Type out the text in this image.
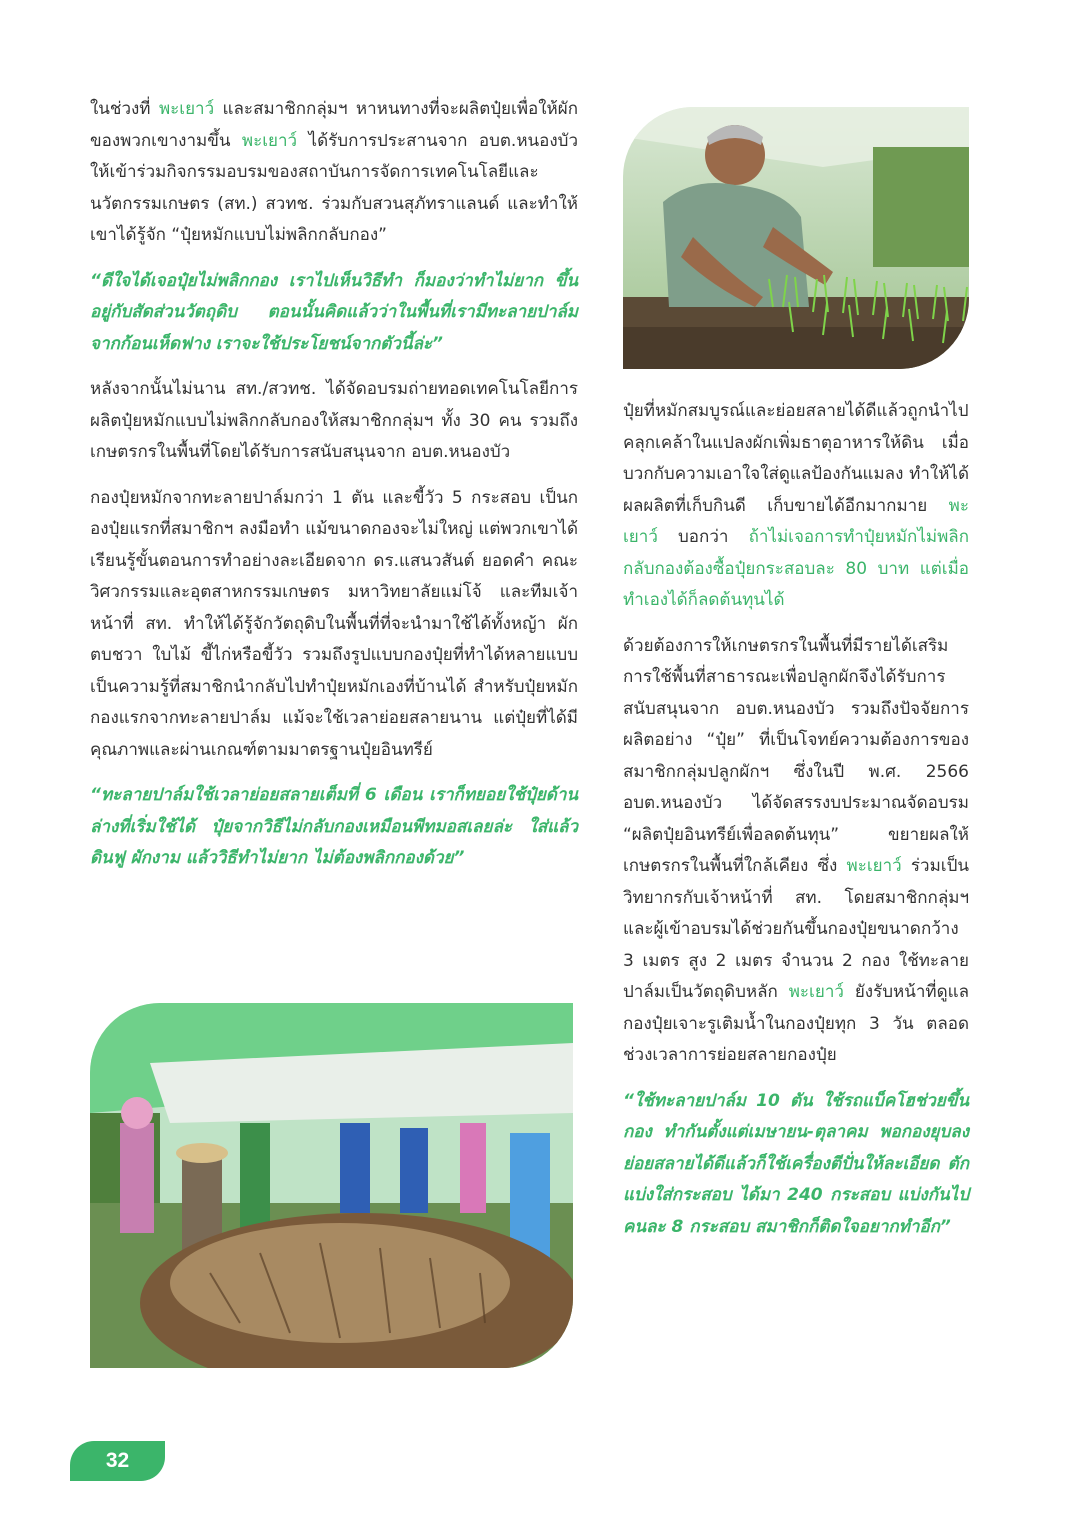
ในช่วงที่ พะเยาว์ และสมาชิกกลุ่มฯ หาหนทางที่จะผลิตปุ๋ยเพื่อให้ผักของพวกเขางามขึ้น พะเยาว์ ได้รับการประสานจาก อบต.หนองบัว ให้เข้าร่วมกิจกรรมอบรมของสถาบันการจัดการเทคโนโลยีและนวัตกรรมเกษตร (สท.) สวทช. ร่วมกับสวนสุภัทราแลนด์ และทำให้เขาได้รู้จัก “ปุ๋ยหมักแบบไม่พลิกกลับกอง”

“ดีใจได้เจอปุ๋ยไม่พลิกกอง เราไปเห็นวิธีทำ ก็มองว่าทำไม่ยาก ขึ้นอยู่กับสัดส่วนวัตถุดิบ ตอนนั้นคิดแล้วว่าในพื้นที่เรามีทะลายปาล์มจากก้อนเห็ดฟาง เราจะใช้ประโยชน์จากตัวนี้ล่ะ”

หลังจากนั้นไม่นาน สท./สวทช. ได้จัดอบรมถ่ายทอดเทคโนโลยีการผลิตปุ๋ยหมักแบบไม่พลิกกลับกองให้สมาชิกกลุ่มฯ ทั้ง 30 คน รวมถึงเกษตรกรในพื้นที่โดยได้รับการสนับสนุนจาก อบต.หนองบัว

กองปุ๋ยหมักจากทะลายปาล์มกว่า 1 ตัน และขี้วัว 5 กระสอบ เป็นกองปุ๋ยแรกที่สมาชิกฯ ลงมือทำ แม้ขนาดกองจะไม่ใหญ่ แต่พวกเขาได้เรียนรู้ขั้นตอนการทำอย่างละเอียดจาก ดร.แสนวสันต์ ยอดคำ คณะวิศวกรรมและอุตสาหกรรมเกษตร มหาวิทยาลัยแม่โจ้ และทีมเจ้าหน้าที่ สท. ทำให้ได้รู้จักวัตถุดิบในพื้นที่ที่จะนำมาใช้ได้ทั้งหญ้า ผักตบชวา ใบไม้ ขี้ไก่หรือขี้วัว รวมถึงรูปแบบกองปุ๋ยที่ทำได้หลายแบบ เป็นความรู้ที่สมาชิกนำกลับไปทำปุ๋ยหมักเองที่บ้านได้ สำหรับปุ๋ยหมักกองแรกจากทะลายปาล์ม แม้จะใช้เวลาย่อยสลายนาน แต่ปุ๋ยที่ได้มีคุณภาพและผ่านเกณฑ์ตามมาตรฐานปุ๋ยอินทรีย์

“ทะลายปาล์มใช้เวลาย่อยสลายเต็มที่ 6 เดือน เราก็ทยอยใช้ปุ๋ยด้านล่างที่เริ่มใช้ได้ ปุ๋ยจากวิธีไม่กลับกองเหมือนพีทมอสเลยล่ะ ใส่แล้วดินฟู ผักงาม แล้ววิธีทำไม่ยาก ไม่ต้องพลิกกองด้วย”

ปุ๋ยที่หมักสมบูรณ์และย่อยสลายได้ดีแล้วถูกนำไปคลุกเคล้าในแปลงผักเพิ่มธาตุอาหารให้ดิน เมื่อบวกกับความเอาใจใส่ดูแลป้องกันแมลง ทำให้ได้ผลผลิตที่เก็บกินดี เก็บขายได้อีกมากมาย พะเยาว์ บอกว่า ถ้าไม่เจอการทำปุ๋ยหมักไม่พลิกกลับกองต้องซื้อปุ๋ยกระสอบละ 80 บาท แต่เมื่อทำเองได้ก็ลดต้นทุนได้

ด้วยต้องการให้เกษตรกรในพื้นที่มีรายได้เสริม การใช้พื้นที่สาธารณะเพื่อปลูกผักจึงได้รับการสนับสนุนจาก อบต.หนองบัว รวมถึงปัจจัยการผลิตอย่าง “ปุ๋ย” ที่เป็นโจทย์ความต้องการของสมาชิกกลุ่มปลูกผักฯ ซึ่งในปี พ.ศ. 2566 อบต.หนองบัว ได้จัดสรรงบประมาณจัดอบรม “ผลิตปุ๋ยอินทรีย์เพื่อลดต้นทุน” ขยายผลให้เกษตรกรในพื้นที่ใกล้เคียง ซึ่ง พะเยาว์ ร่วมเป็นวิทยากรกับเจ้าหน้าที่ สท. โดยสมาชิกกลุ่มฯ และผู้เข้าอบรมได้ช่วยกันขึ้นกองปุ๋ยขนาดกว้าง 3 เมตร สูง 2 เมตร จำนวน 2 กอง ใช้ทะลายปาล์มเป็นวัตถุดิบหลัก พะเยาว์ ยังรับหน้าที่ดูแลกองปุ๋ยเจาะรูเติมน้ำในกองปุ๋ยทุก 3 วัน ตลอดช่วงเวลาการย่อยสลายกองปุ๋ย

“ใช้ทะลายปาล์ม 10 ตัน ใช้รถแบ็คโฮช่วยขึ้นกอง ทำกันตั้งแต่เมษายน-ตุลาคม พอกองยุบลง ย่อยสลายได้ดีแล้วก็ใช้เครื่องตีปั่นให้ละเอียด ตักแบ่งใส่กระสอบ ได้มา 240 กระสอบ แบ่งกันไปคนละ 8 กระสอบ สมาชิกก็ติดใจอยากทำอีก”

32
